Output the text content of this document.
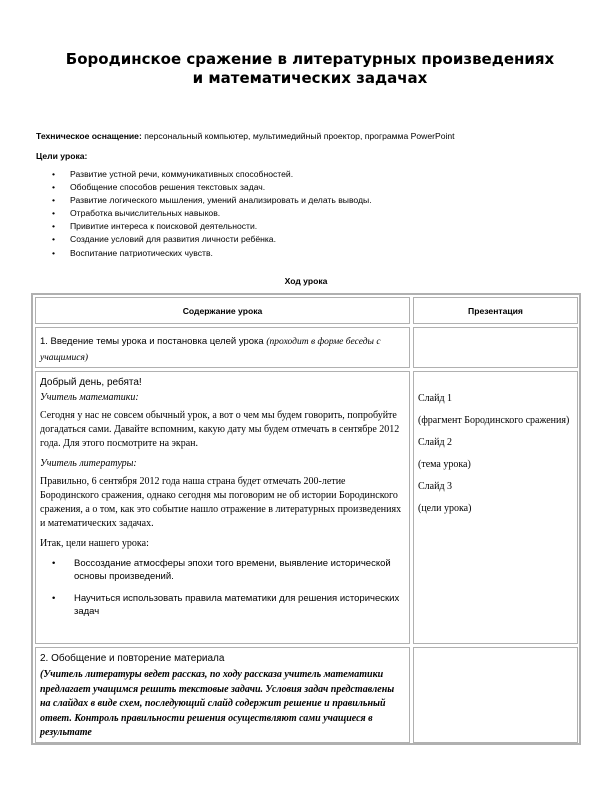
Бородинское сражение в литературных произведениях
и математических задачах
Техническое оснащение: персональный компьютер, мультимедийный проектор, программа PowerPoint
Цели урока:
• Развитие устной речи, коммуникативных способностей.
• Обобщение способов решения текстовых задач.
• Развитие логического мышления, умений анализировать и делать выводы.
• Отработка вычислительных навыков.
• Привитие интереса к поисковой деятельности.
• Создание условий для развития личности ребёнка.
• Воспитание патриотических чувств.
Ход урока
Содержание урока	Презентация
1. Введение темы урока и постановка целей урока (проходит в форме беседы с учащимися)

Добрый день, ребята!

Учитель математики:

Сегодня у нас не совсем обычный урок, а вот о чем мы будем говорить, попробуйте догадаться сами. Давайте вспомним, какую дату мы будем отмечать в сентябре 2012 года. Для этого посмотрите на экран.

Учитель литературы:

Правильно, 6 сентября 2012 года наша страна будет отмечать 200-летие Бородинского сражения, однако сегодня мы поговорим не об истории Бородинского сражения, а о том, как это событие нашло отражение в литературных произведениях и математических задачах.

Итак, цели нашего урока:

• Воссоздание атмосферы эпохи того времени, выявление исторической основы произведений.
• Научиться использовать правила математики для решения исторических задач
Слайд 1
(фрагмент Бородинского сражения)
Слайд 2
(тема урока)
Слайд 3
(цели урока)

2. Обобщение и повторение материала

(Учитель литературы ведет рассказ, по ходу рассказа учитель математики предлагает учащимся решить текстовые задачи. Условия задач представлены на слайдах в виде схем, последующий слайд содержит решение и правильный ответ. Контроль правильности решения осуществляют сами учащиеся в результате
